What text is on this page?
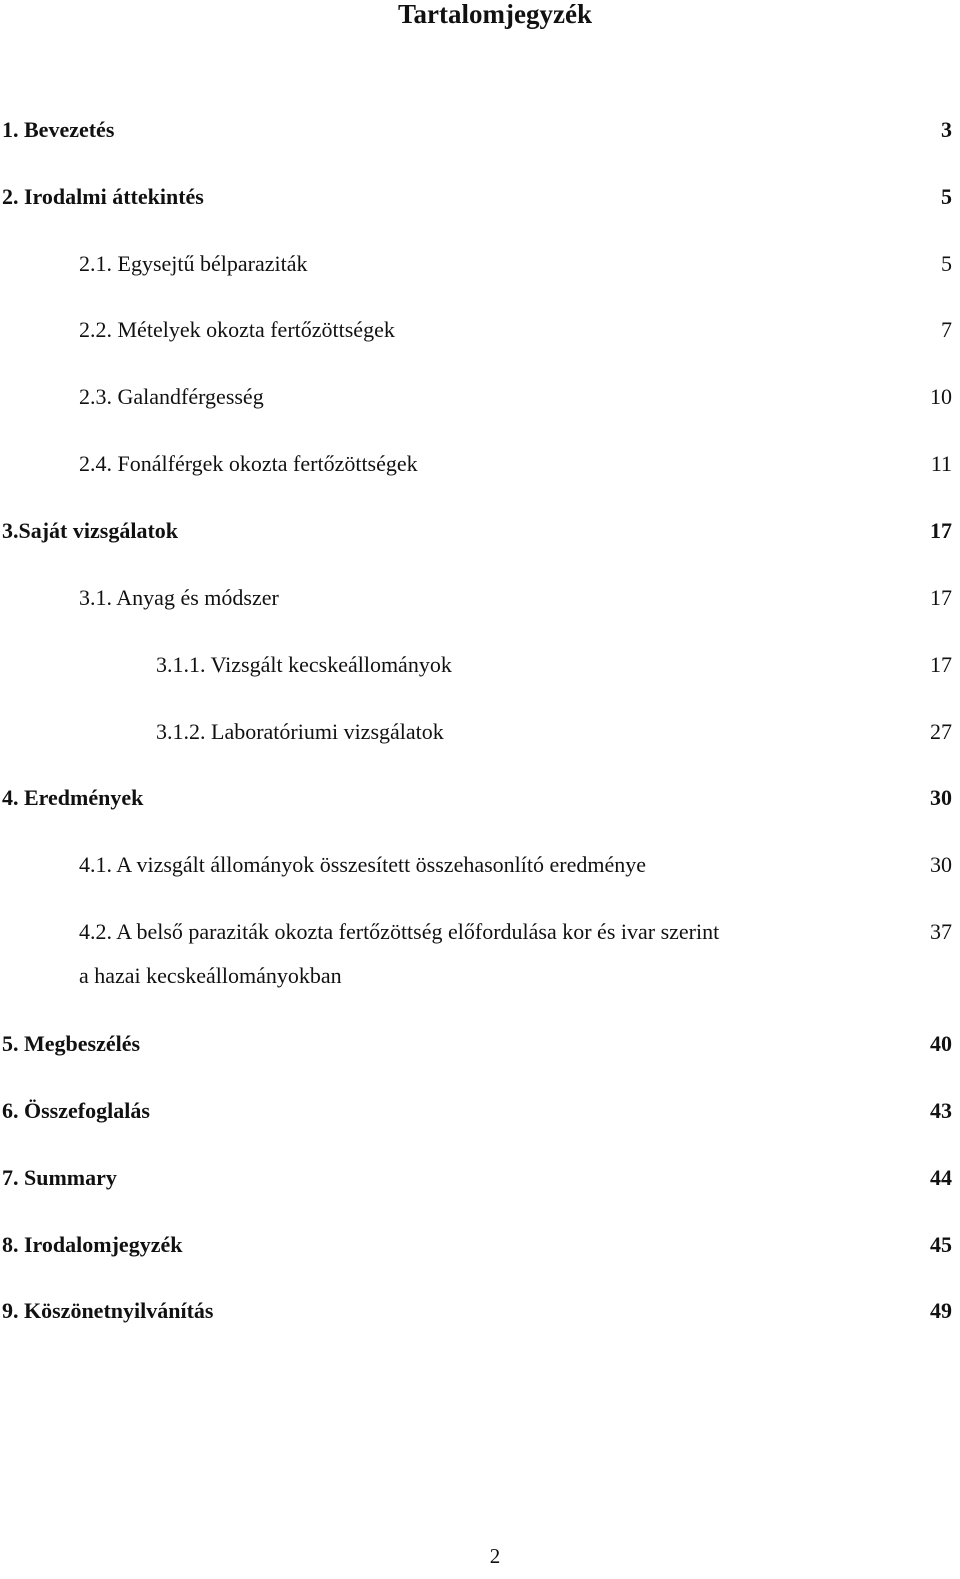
Tartalomjegyzék
1. Bevezetés	3
2. Irodalmi áttekintés	5
2.1. Egysejtű bélparaziták	5
2.2. Mételyek okozta fertőzöttségek	7
2.3. Galandférgesség	10
2.4. Fonálférgek okozta fertőzöttségek	11
3.Saját vizsgálatok	17
3.1. Anyag és módszer	17
3.1.1. Vizsgált kecskeállományok	17
3.1.2. Laboratóriumi vizsgálatok	27
4. Eredmények	30
4.1. A vizsgált állományok összesített összehasonlító eredménye	30
4.2. A belső paraziták okozta fertőzöttség előfordulása kor és ivar szerint	37
a hazai kecskeállományokban
5. Megbeszélés	40
6. Összefoglalás	43
7. Summary	44
8. Irodalomjegyzék	45
9. Köszönetnyilvánítás	49
2
